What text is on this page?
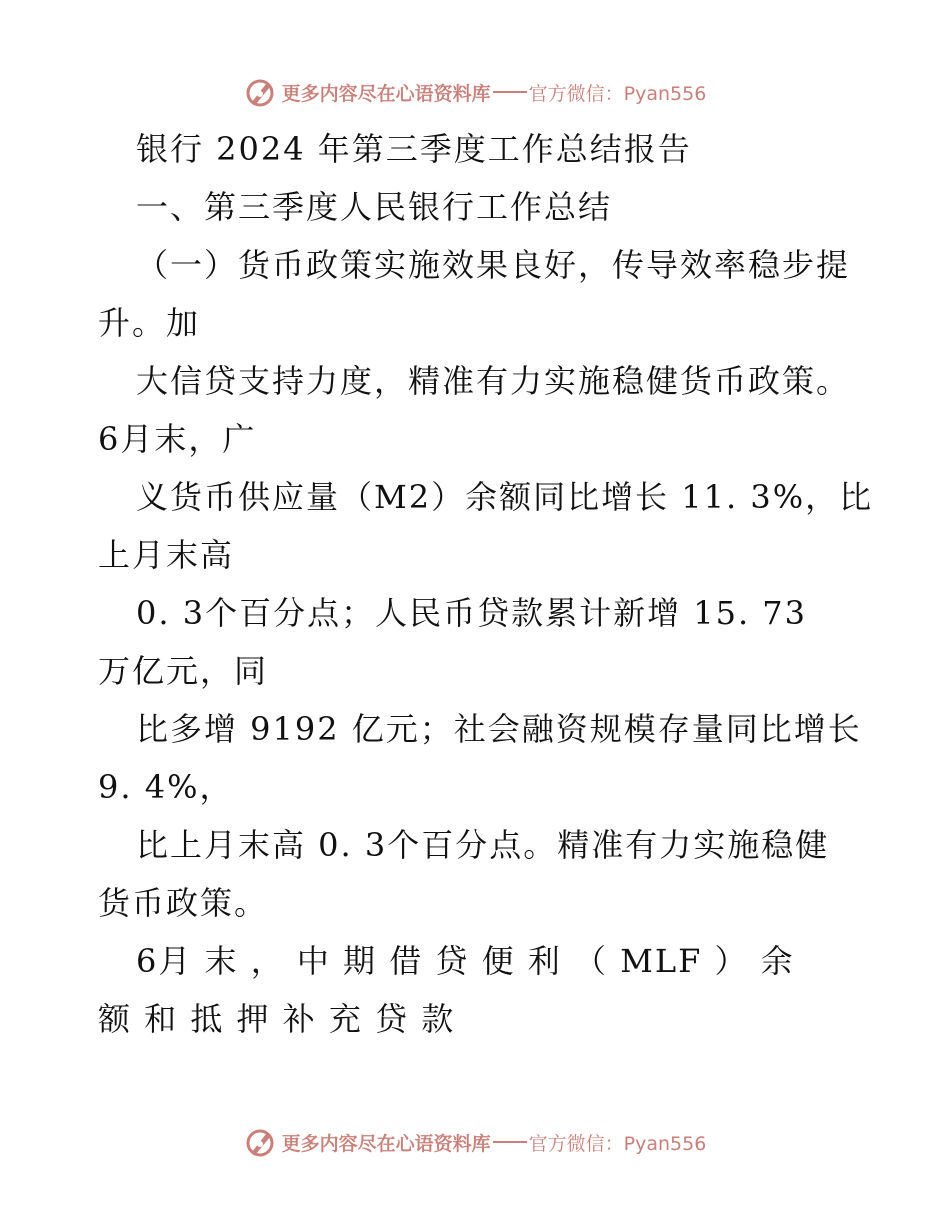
更多内容尽在心语资料库 官方微信：Pyan556
银行 2024 年第三季度工作总结报告
一、第三季度人民银行工作总结
（一）货币政策实施效果良好，传导效率稳步提
升。加
大信贷支持力度，精准有力实施稳健货币政策。
6月末，广
义货币供应量（M2）余额同比增长 11. 3%，比
上月末高
0. 3个百分点；人民币贷款累计新增 15. 73
万亿元，同
比多增 9192 亿元；社会融资规模存量同比增长
9. 4%，
比上月末高 0. 3个百分点。精准有力实施稳健
货币政策。
6月 末 ， 中 期 借 贷 便 利 （ MLF ） 余
额 和 抵 押 补 充 贷 款
更多内容尽在心语资料库 官方微信：Pyan556
